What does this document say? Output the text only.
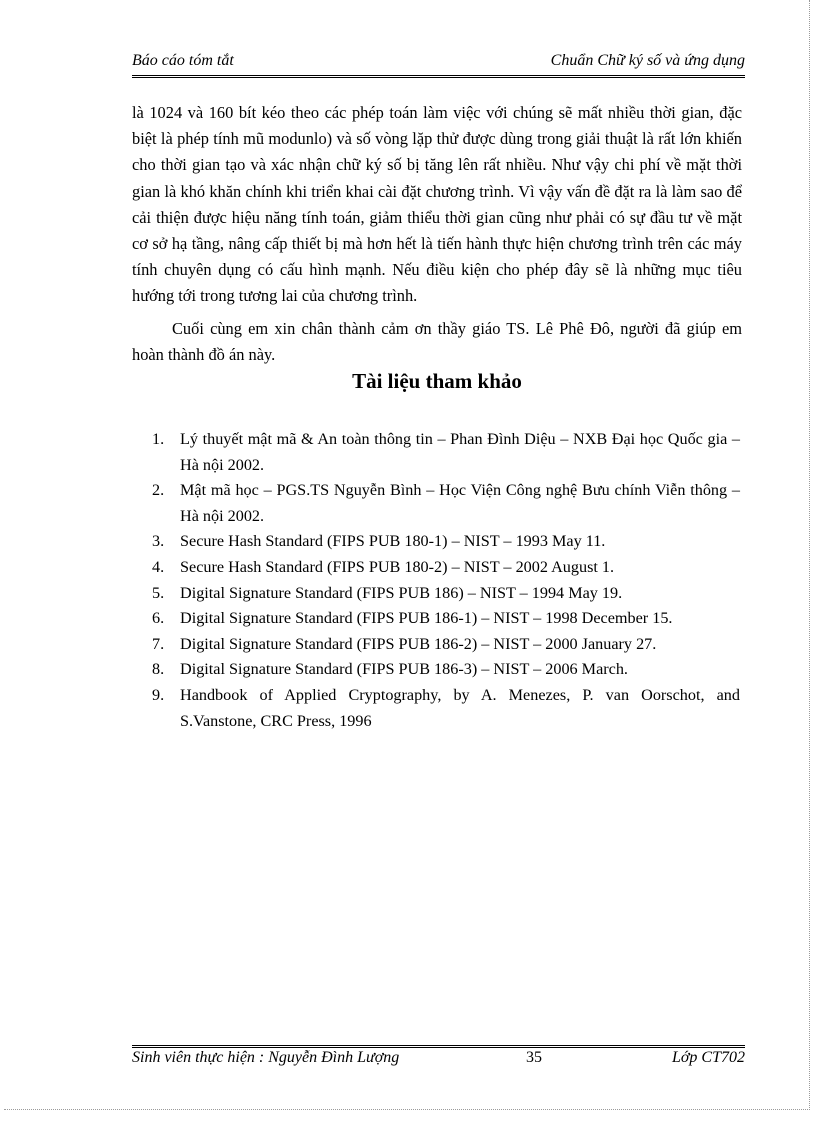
Báo cáo tóm tắt	Chuẩn Chữ ký số và ứng dụng

là 1024 và 160 bít kéo theo các phép toán làm việc với chúng sẽ mất nhiều thời gian, đặc biệt là phép tính mũ modunlo) và số vòng lặp thử được dùng trong giải thuật là rất lớn khiến cho thời gian tạo và xác nhận chữ ký số bị tăng lên rất nhiều. Như vậy chi phí về mặt thời gian là khó khăn chính khi triển khai cài đặt chương trình. Vì vậy vấn đề đặt ra là làm sao để cải thiện được hiệu năng tính toán, giảm thiểu thời gian cũng như phải có sự đầu tư về mặt cơ sở hạ tầng, nâng cấp thiết bị mà hơn hết là tiến hành thực hiện chương trình trên các máy tính chuyên dụng có cấu hình mạnh. Nếu điều kiện cho phép đây sẽ là những mục tiêu hướng tới trong tương lai của chương trình.

Cuối cùng em xin chân thành cảm ơn thầy giáo TS. Lê Phê Đô, người đã giúp em hoàn thành đồ án này.

Tài liệu tham khảo
1. Lý thuyết mật mã & An toàn thông tin – Phan Đình Diệu – NXB Đại học Quốc gia – Hà nội 2002.
2. Mật mã học – PGS.TS Nguyễn Bình – Học Viện Công nghệ Bưu chính Viễn thông – Hà nội 2002.
3. Secure Hash Standard (FIPS PUB 180-1) – NIST – 1993 May 11.
4. Secure Hash Standard (FIPS PUB 180-2) – NIST – 2002 August 1.
5. Digital Signature Standard (FIPS PUB 186) – NIST – 1994 May 19.
6. Digital Signature Standard (FIPS PUB 186-1) – NIST – 1998 December 15.
7. Digital Signature Standard (FIPS PUB 186-2) – NIST – 2000 January 27.
8. Digital Signature Standard (FIPS PUB 186-3) – NIST – 2006 March.
9. Handbook of Applied Cryptography, by A. Menezes, P. van Oorschot, and S.Vanstone, CRC Press, 1996
Sinh viên thực hiện : Nguyễn Đình Lượng	35	Lớp CT702
